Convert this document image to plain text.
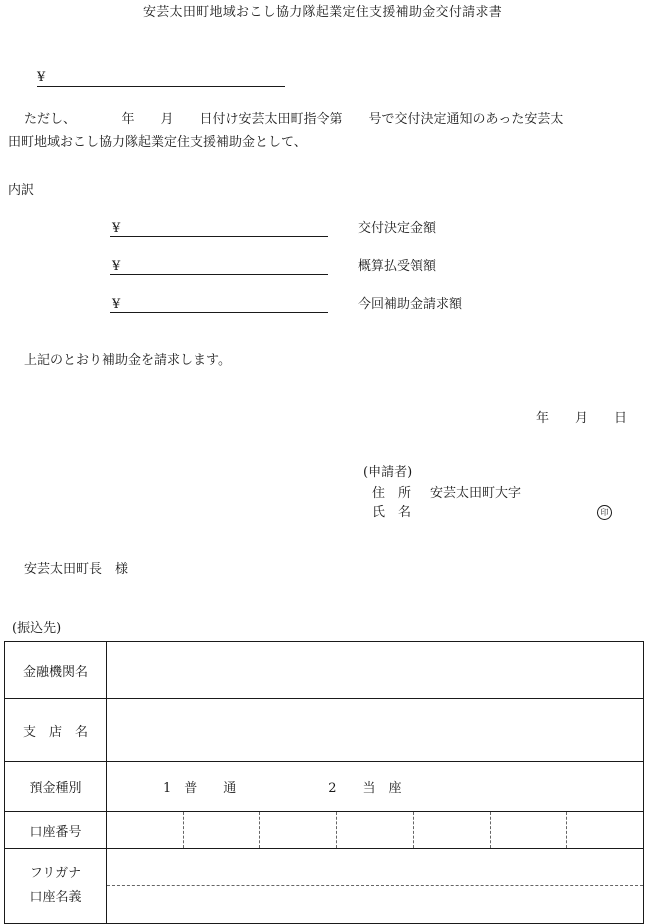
安芸太田町地域おこし協力隊起業定住支援補助金交付請求書
¥
ただし、　　　　年　　月　　日付け安芸太田町指令第　　号で交付決定通知のあった安芸太
田町地域おこし協力隊起業定住支援補助金として、
内訳
¥	交付決定金額
¥	概算払受領額
¥	今回補助金請求額
上記のとおり補助金を請求します。
年　　月　　日
(申請者)
住　所 安芸太田町大字
氏　名	印
安芸太田町長　様
(振込先)
金融機関名	
支　店　名	
預金種別	1　普　　通 2　　当　座
口座番号	

フリガナ
口座名義	
